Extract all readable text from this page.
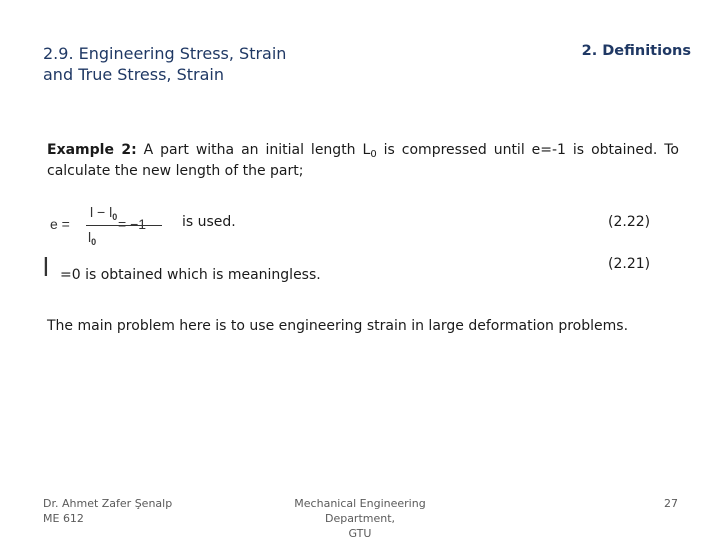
2.9. Engineering Stress, Strain
and True Stress, Strain
2. Definitions
Example 2: A part witha an initial length $L_0$ is compressed until e=-1 is obtained. To calculate the new length of the part;
e =
$l - l_0$
$l_0$
= −1	is used.	(2.22)
(2.21)
l =0 is obtained which is meaningless.
The main problem here is to use engineering strain in large deformation problems.
Dr. Ahmet Zafer Şenalp
ME 612
Mechanical Engineering Department,
GTU
27
